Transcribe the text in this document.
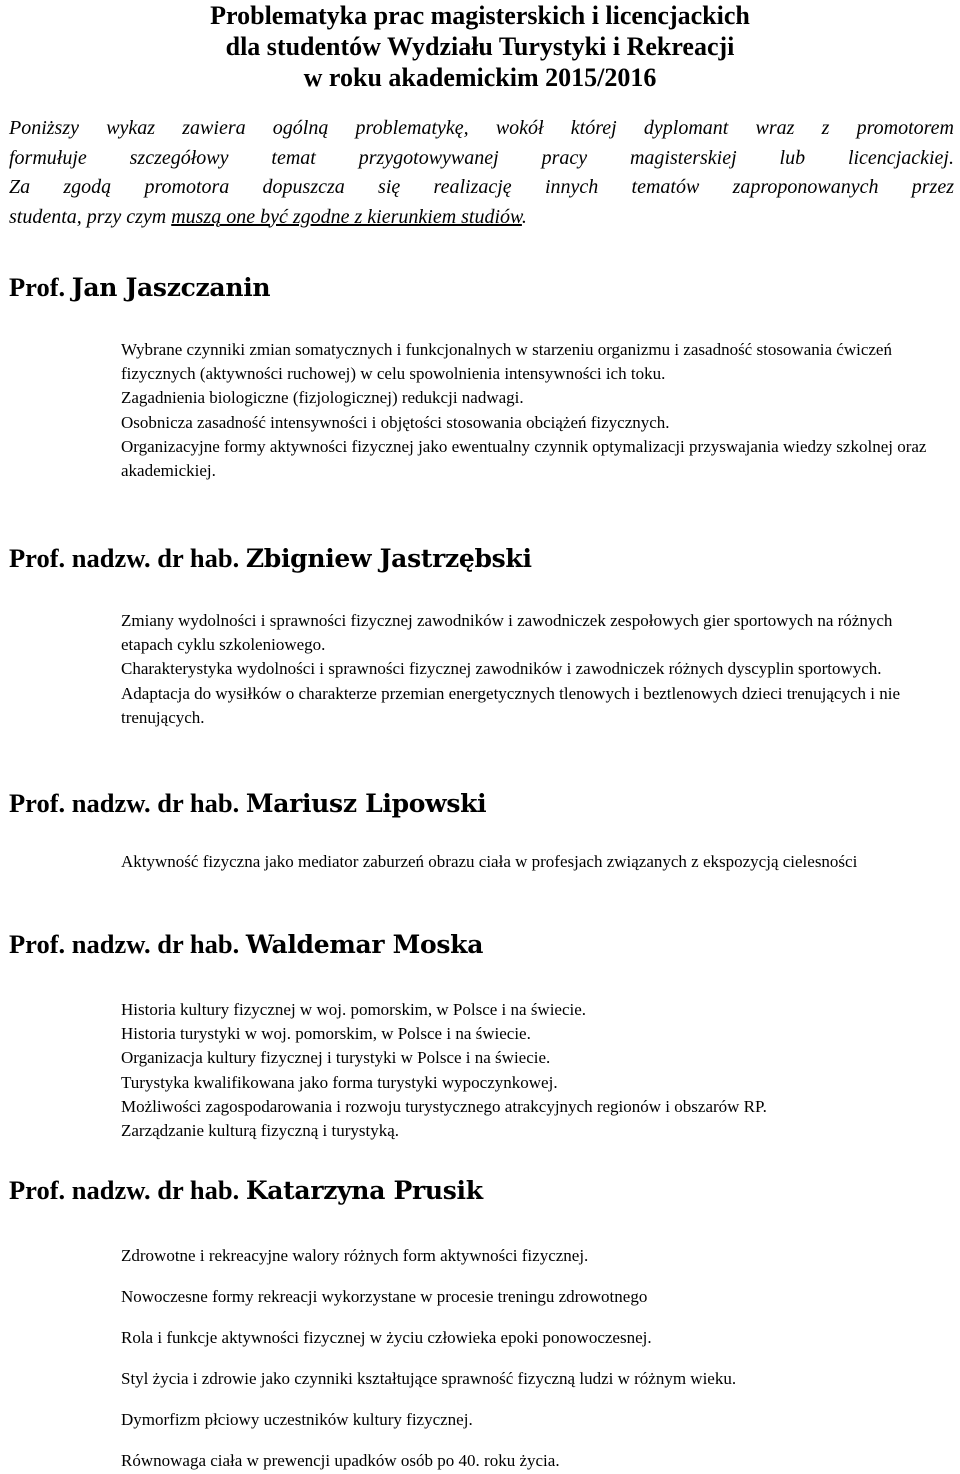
Problematyka prac magisterskich i licencjackich
dla studentów Wydziału Turystyki i Rekreacji
w roku akademickim 2015/2016
Poniższy wykaz zawiera ogólną problematykę, wokół której dyplomant wraz z promotorem
formułuje szczegółowy temat przygotowywanej pracy magisterskiej lub licencjackiej.
Za zgodą promotora dopuszcza się realizację innych tematów zaproponowanych przez
studenta, przy czym muszą one być zgodne z kierunkiem studiów.
Prof. Jan Jaszczanin
Wybrane czynniki zmian somatycznych i funkcjonalnych w starzeniu organizmu i zasadność stosowania ćwiczeń fizycznych (aktywności ruchowej) w celu spowolnienia intensywności ich toku.
Zagadnienia biologiczne (fizjologicznej) redukcji nadwagi.
Osobnicza zasadność intensywności i objętości stosowania obciążeń fizycznych.
Organizacyjne formy aktywności fizycznej jako ewentualny czynnik optymalizacji przyswajania wiedzy szkolnej oraz akademickiej.
Prof. nadzw. dr hab. Zbigniew Jastrzębski
Zmiany wydolności i sprawności fizycznej zawodników i zawodniczek zespołowych gier sportowych na różnych etapach cyklu szkoleniowego.
Charakterystyka wydolności i sprawności fizycznej zawodników i zawodniczek różnych dyscyplin sportowych.
Adaptacja do wysiłków o charakterze przemian energetycznych tlenowych i beztlenowych dzieci trenujących i nie trenujących.
Prof. nadzw. dr hab. Mariusz Lipowski
Aktywność fizyczna jako mediator zaburzeń obrazu ciała w profesjach związanych z ekspozycją cielesności
Prof. nadzw. dr hab. Waldemar Moska
Historia kultury fizycznej w woj. pomorskim, w Polsce i na świecie.
Historia turystyki w woj. pomorskim, w Polsce i na świecie.
Organizacja kultury fizycznej i turystyki w Polsce i na świecie.
Turystyka kwalifikowana jako forma turystyki wypoczynkowej.
Możliwości zagospodarowania i rozwoju turystycznego atrakcyjnych regionów i obszarów RP.
Zarządzanie kulturą fizyczną i turystyką.
Prof. nadzw. dr hab. Katarzyna Prusik
Zdrowotne i rekreacyjne walory różnych form aktywności fizycznej.
Nowoczesne formy rekreacji wykorzystane w procesie treningu zdrowotnego
Rola i funkcje aktywności fizycznej w życiu człowieka epoki ponowoczesnej.
Styl życia i zdrowie jako czynniki kształtujące sprawność fizyczną ludzi w różnym wieku.
Dymorfizm płciowy uczestników kultury fizycznej.
Równowaga ciała w prewencji upadków osób po 40. roku życia.
